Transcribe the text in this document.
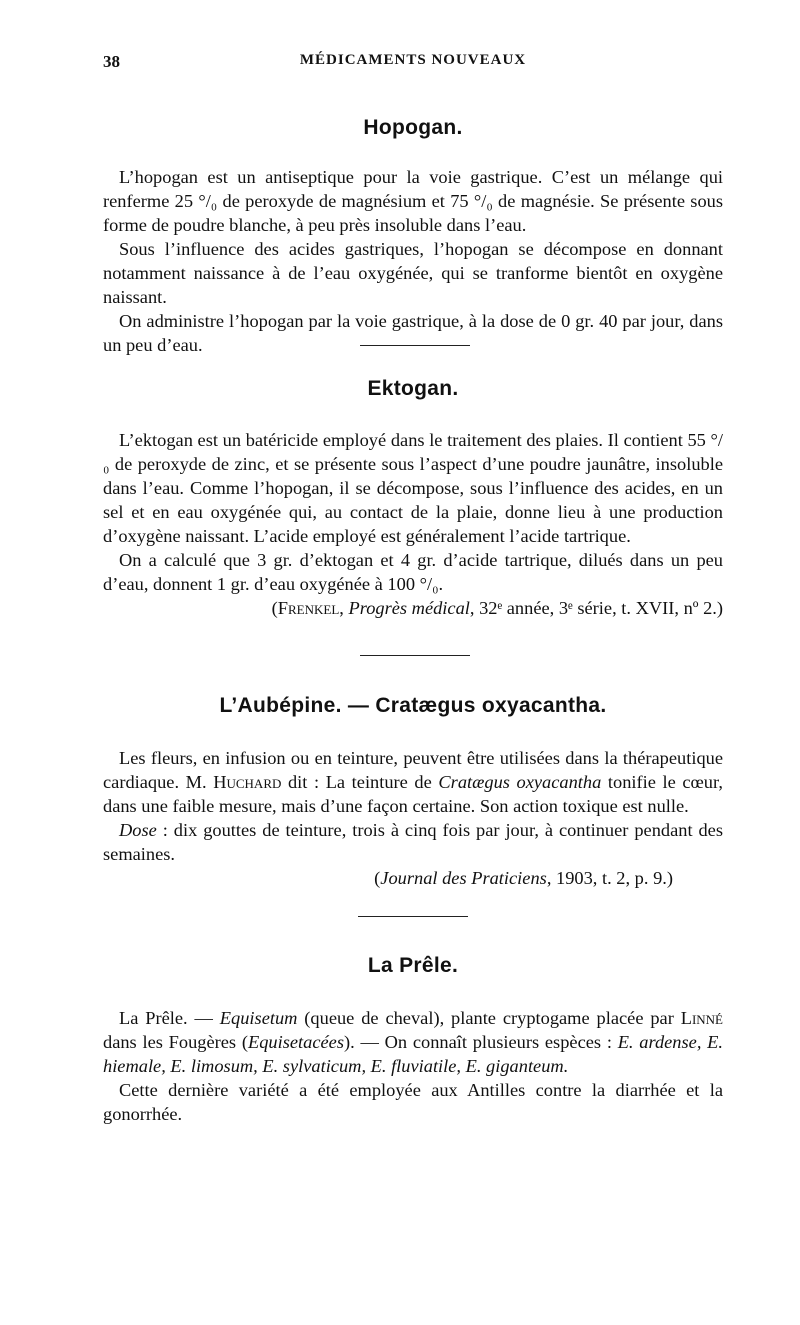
38	MÉDICAMENTS NOUVEAUX
Hopogan.

L’hopogan est un antiseptique pour la voie gastrique. C’est un mélange qui renferme 25 °/₀ de peroxyde de magnésium et 75 °/₀ de magnésie. Se présente sous forme de poudre blanche, à peu près insoluble dans l’eau.

Sous l’influence des acides gastriques, l’hopogan se décompose en donnant notamment naissance à de l’eau oxygénée, qui se tranforme bientôt en oxygène naissant.

On administre l’hopogan par la voie gastrique, à la dose de 0 gr. 40 par jour, dans un peu d’eau.

Ektogan.

L’ektogan est un batéricide employé dans le traitement des plaies. Il contient 55 °/₀ de peroxyde de zinc, et se présente sous l’aspect d’une poudre jaunâtre, insoluble dans l’eau. Comme l’hopogan, il se décompose, sous l’influence des acides, en un sel et en eau oxygénée qui, au contact de la plaie, donne lieu à une production d’oxygène naissant. L’acide employé est généralement l’acide tartrique.

On a calculé que 3 gr. d’ektogan et 4 gr. d’acide tartrique, dilués dans un peu d’eau, donnent 1 gr. d’eau oxygénée à 100 °/₀.

(Frenkel, Progrès médical, 32ᵉ année, 3ᵉ série, t. XVII, nº 2.)

L’Aubépine. — Cratægus oxyacantha.

Les fleurs, en infusion ou en teinture, peuvent être utilisées dans la thérapeutique cardiaque. M. Huchard dit : La teinture de Cratægus oxyacantha tonifie le cœur, dans une faible mesure, mais d’une façon certaine. Son action toxique est nulle.

Dose : dix gouttes de teinture, trois à cinq fois par jour, à continuer pendant des semaines.

(Journal des Praticiens, 1903, t. 2, p. 9.)

La Prêle.

La Prêle. — Equisetum (queue de cheval), plante cryptogame placée par Linné dans les Fougères (Equisetacées). — On connaît plusieurs espèces : E. ardense, E. hiemale, E. limosum, E. sylvaticum, E. fluviatile, E. giganteum.

Cette dernière variété a été employée aux Antilles contre la diarrhée et la gonorrhée.
